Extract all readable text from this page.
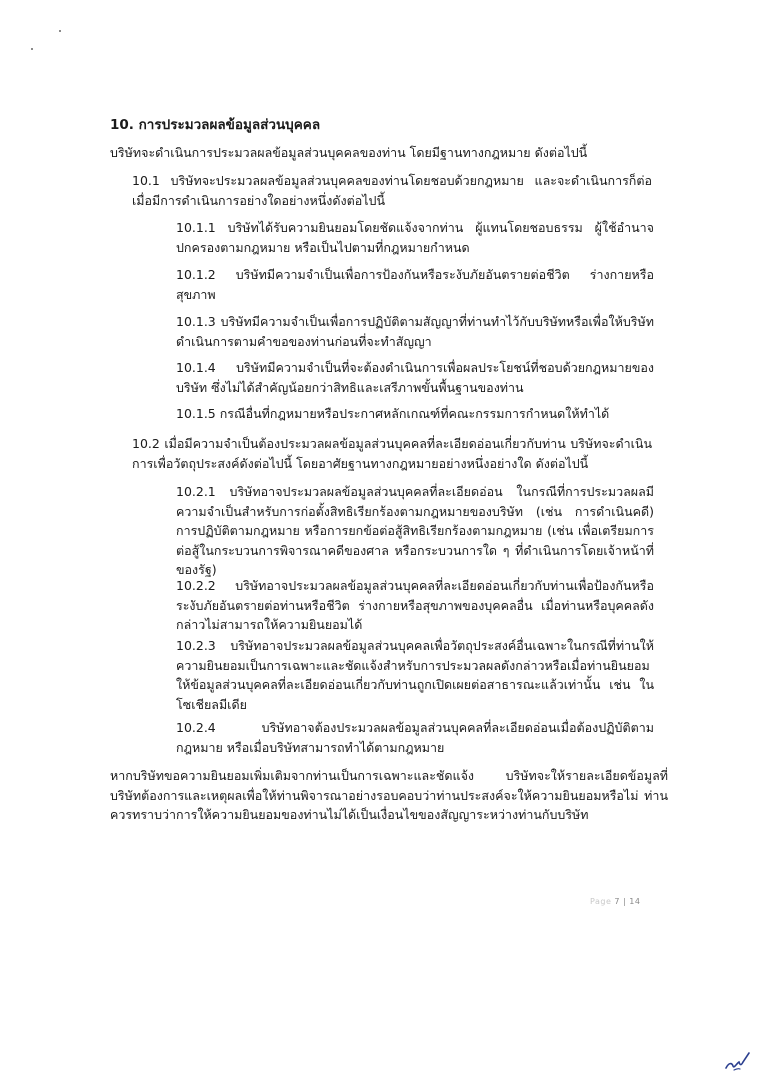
10. การประมวลผลข้อมูลส่วนบุคคล

บริษัทจะดำเนินการประมวลผลข้อมูลส่วนบุคคลของท่าน โดยมีฐานทางกฎหมาย ดังต่อไปนี้

10.1 บริษัทจะประมวลผลข้อมูลส่วนบุคคลของท่านโดยชอบด้วยกฎหมาย และจะดำเนินการก็ต่อเมื่อมีการดำเนินการอย่างใดอย่างหนึ่งดังต่อไปนี้

10.1.1 บริษัทได้รับความยินยอมโดยชัดแจ้งจากท่าน ผู้แทนโดยชอบธรรม ผู้ใช้อำนาจปกครองตามกฎหมาย หรือเป็นไปตามที่กฎหมายกำหนด

10.1.2 บริษัทมีความจำเป็นเพื่อการป้องกันหรือระงับภัยอันตรายต่อชีวิต ร่างกายหรือสุขภาพ

10.1.3 บริษัทมีความจำเป็นเพื่อการปฏิบัติตามสัญญาที่ท่านทำไว้กับบริษัทหรือเพื่อให้บริษัทดำเนินการตามคำขอของท่านก่อนที่จะทำสัญญา

10.1.4 บริษัทมีความจำเป็นที่จะต้องดำเนินการเพื่อผลประโยชน์ที่ชอบด้วยกฎหมายของบริษัท ซึ่งไม่ได้สำคัญน้อยกว่าสิทธิและเสรีภาพขั้นพื้นฐานของท่าน

10.1.5 กรณีอื่นที่กฎหมายหรือประกาศหลักเกณฑ์ที่คณะกรรมการกำหนดให้ทำได้

10.2 เมื่อมีความจำเป็นต้องประมวลผลข้อมูลส่วนบุคคลที่ละเอียดอ่อนเกี่ยวกับท่าน บริษัทจะดำเนินการเพื่อวัตถุประสงค์ดังต่อไปนี้ โดยอาศัยฐานทางกฎหมายอย่างหนึ่งอย่างใด ดังต่อไปนี้

10.2.1 บริษัทอาจประมวลผลข้อมูลส่วนบุคคลที่ละเอียดอ่อน ในกรณีที่การประมวลผลมีความจำเป็นสำหรับการก่อตั้งสิทธิเรียกร้องตามกฎหมายของบริษัท (เช่น การดำเนินคดี) การปฏิบัติตามกฎหมาย หรือการยกข้อต่อสู้สิทธิเรียกร้องตามกฎหมาย (เช่น เพื่อเตรียมการต่อสู้ในกระบวนการพิจารณาคดีของศาล หรือกระบวนการใด ๆ ที่ดำเนินการโดยเจ้าหน้าที่ของรัฐ)

10.2.2 บริษัทอาจประมวลผลข้อมูลส่วนบุคคลที่ละเอียดอ่อนเกี่ยวกับท่านเพื่อป้องกันหรือระงับภัยอันตรายต่อท่านหรือชีวิต ร่างกายหรือสุขภาพของบุคคลอื่น เมื่อท่านหรือบุคคลดังกล่าวไม่สามารถให้ความยินยอมได้

10.2.3 บริษัทอาจประมวลผลข้อมูลส่วนบุคคลเพื่อวัตถุประสงค์อื่นเฉพาะในกรณีที่ท่านให้ความยินยอมเป็นการเฉพาะและชัดแจ้งสำหรับการประมวลผลดังกล่าวหรือเมื่อท่านยินยอมให้ข้อมูลส่วนบุคคลที่ละเอียดอ่อนเกี่ยวกับท่านถูกเปิดเผยต่อสาธารณะแล้วเท่านั้น เช่น ในโซเชียลมีเดีย

10.2.4 บริษัทอาจต้องประมวลผลข้อมูลส่วนบุคคลที่ละเอียดอ่อนเมื่อต้องปฏิบัติตามกฎหมาย หรือเมื่อบริษัทสามารถทำได้ตามกฎหมาย

หากบริษัทขอความยินยอมเพิ่มเติมจากท่านเป็นการเฉพาะและชัดแจ้ง บริษัทจะให้รายละเอียดข้อมูลที่บริษัทต้องการและเหตุผลเพื่อให้ท่านพิจารณาอย่างรอบคอบว่าท่านประสงค์จะให้ความยินยอมหรือไม่ ท่านควรทราบว่าการให้ความยินยอมของท่านไม่ได้เป็นเงื่อนไขของสัญญาระหว่างท่านกับบริษัท

Page 7 | 14
